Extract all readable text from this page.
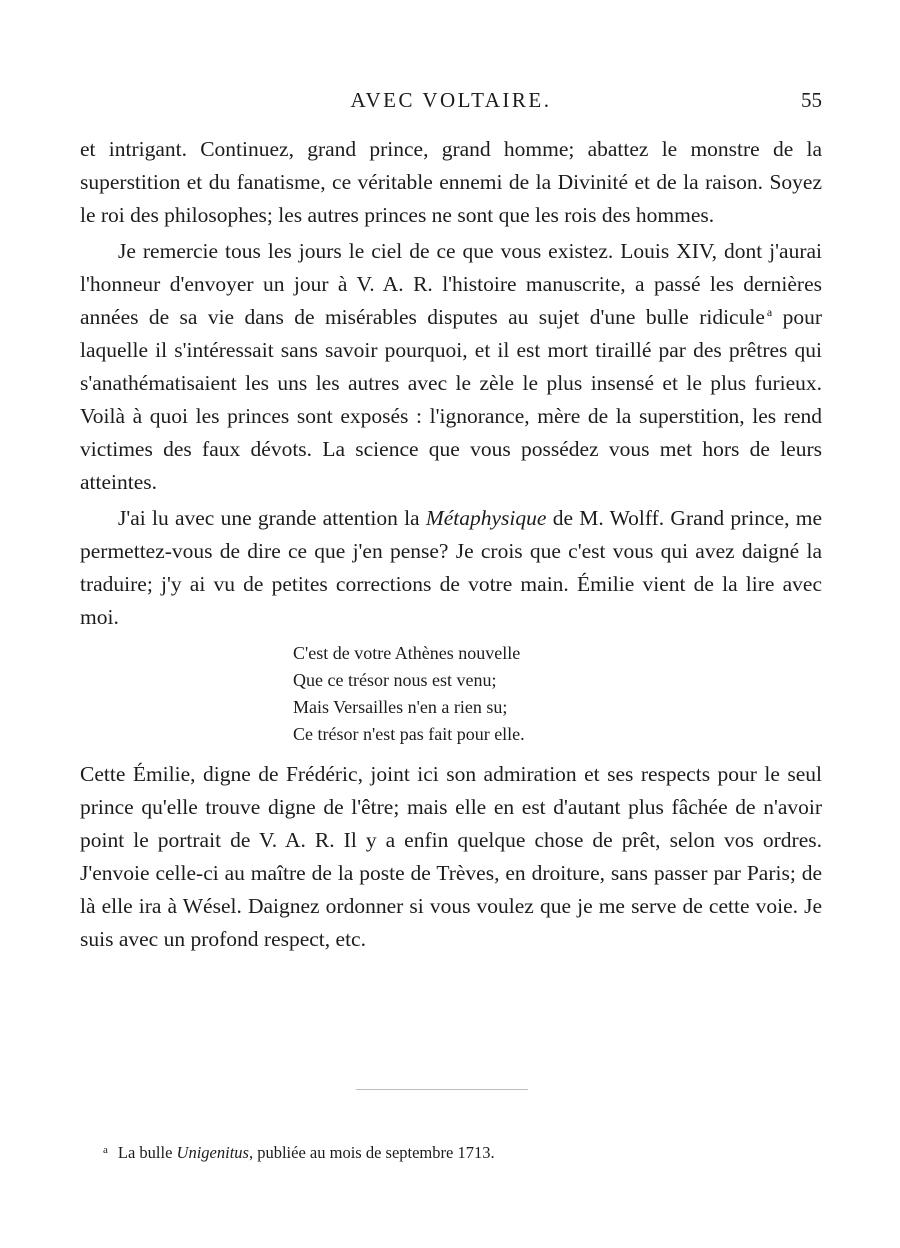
AVEC VOLTAIRE.	55

et intrigant. Continuez, grand prince, grand homme; abattez le monstre de la superstition et du fanatisme, ce véritable ennemi de la Divinité et de la raison. Soyez le roi des philosophes; les autres princes ne sont que les rois des hommes.

Je remercie tous les jours le ciel de ce que vous existez. Louis XIV, dont j'aurai l'honneur d'envoyer un jour à V. A. R. l'histoire manuscrite, a passé les dernières années de sa vie dans de misérables disputes au sujet d'une bulle ridicule $^a$ pour laquelle il s'intéressait sans savoir pourquoi, et il est mort tiraillé par des prêtres qui s'anathématisaient les uns les autres avec le zèle le plus insensé et le plus furieux. Voilà à quoi les princes sont exposés : l'ignorance, mère de la superstition, les rend victimes des faux dévots. La science que vous possédez vous met hors de leurs atteintes.

J'ai lu avec une grande attention la Métaphysique de M. Wolff. Grand prince, me permettez-vous de dire ce que j'en pense? Je crois que c'est vous qui avez daigné la traduire; j'y ai vu de petites corrections de votre main. Émilie vient de la lire avec moi.

C'est de votre Athènes nouvelle
Que ce trésor nous est venu;
Mais Versailles n'en a rien su;
Ce trésor n'est pas fait pour elle.

Cette Émilie, digne de Frédéric, joint ici son admiration et ses respects pour le seul prince qu'elle trouve digne de l'être; mais elle en est d'autant plus fâchée de n'avoir point le portrait de V. A. R. Il y a enfin quelque chose de prêt, selon vos ordres. J'envoie celle-ci au maître de la poste de Trèves, en droiture, sans passer par Paris; de là elle ira à Wésel. Daignez ordonner si vous voulez que je me serve de cette voie. Je suis avec un profond respect, etc.

$^a$ La bulle Unigenitus, publiée au mois de septembre 1713.
